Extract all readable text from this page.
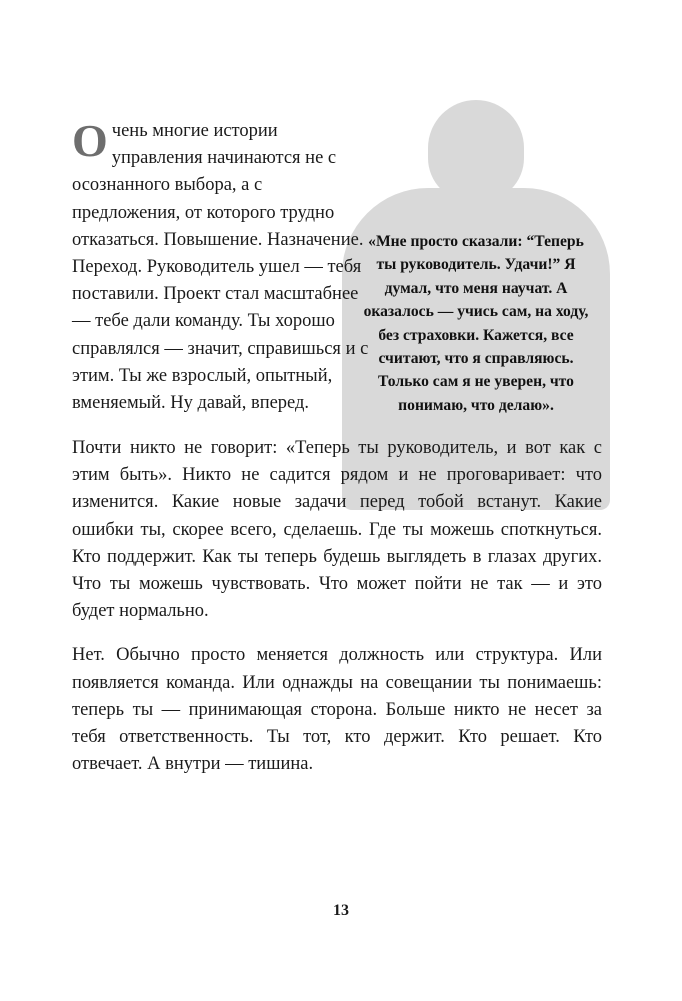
«Мне просто сказали: “Теперь ты руководитель. Удачи!” Я думал, что меня научат. А оказалось — учись сам, на ходу, без страховки. Кажется, все считают, что я справляюсь. Только сам я не уверен, что понимаю, что делаю».
Очень многие истории управления начинаются не с осознанного выбора, а с предложения, от которого трудно отказаться. Повышение. Назначение. Переход. Руководитель ушел — тебя поставили. Проект стал масштабнее — тебе дали команду. Ты хорошо справлялся — значит, справишься и с этим. Ты же взрослый, опытный, вменяемый. Ну давай, вперед.

Почти никто не говорит: «Теперь ты руководитель, и вот как с этим быть». Никто не садится рядом и не проговаривает: что изменится. Какие новые задачи перед тобой встанут. Какие ошибки ты, скорее всего, сделаешь. Где ты можешь споткнуться. Кто поддержит. Как ты теперь будешь выглядеть в глазах других. Что ты можешь чувствовать. Что может пойти не так — и это будет нормально.

Нет. Обычно просто меняется должность или структура. Или появляется команда. Или однажды на совещании ты понимаешь: теперь ты — принимающая сторона. Больше никто не несет за тебя ответственность. Ты тот, кто держит. Кто решает. Кто отвечает. А внутри — тишина.

13
